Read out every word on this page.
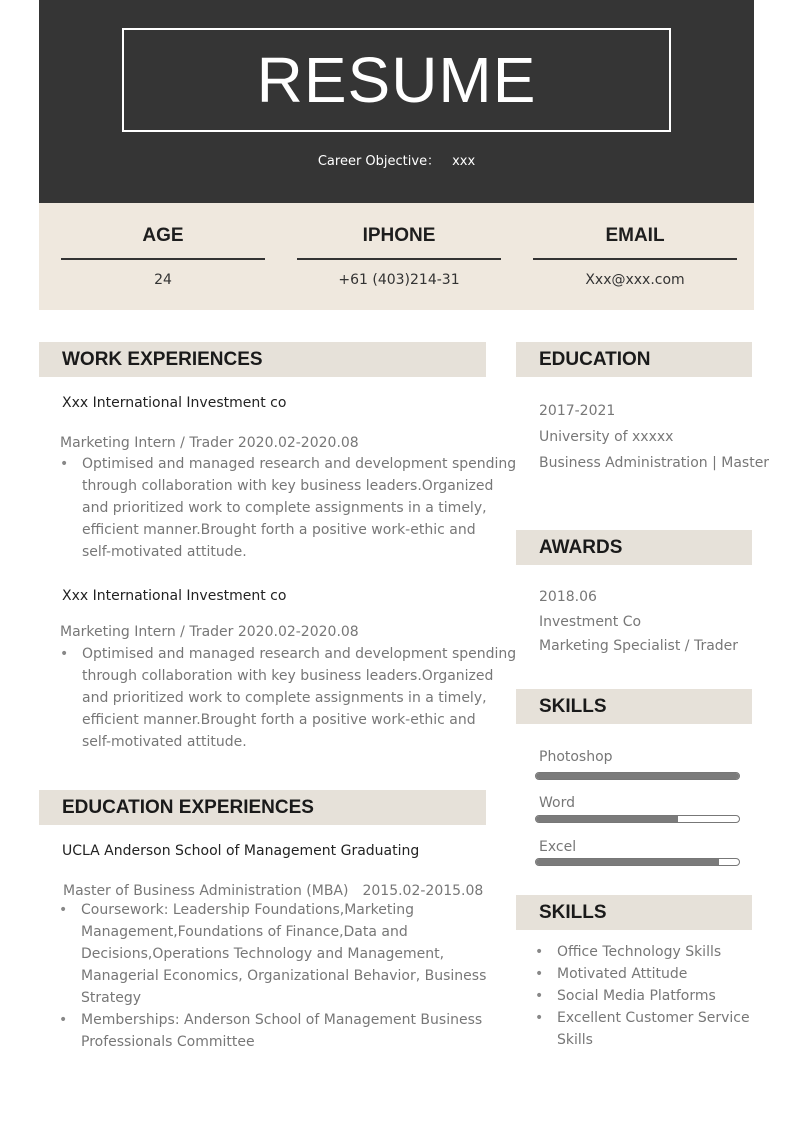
RESUME
Career Objective： xxx
AGE
24
IPHONE
+61 (403)214-31
EMAIL
Xxx@xxx.com
WORK EXPERIENCES
Xxx International Investment co
Marketing Intern / Trader 2020.02-2020.08
• Optimised and managed research and development spending
through collaboration with key business leaders.Organized
and prioritized work to complete assignments in a timely,
efficient manner.Brought forth a positive work-ethic and
self-motivated attitude.
Xxx International Investment co
Marketing Intern / Trader 2020.02-2020.08
• Optimised and managed research and development spending
through collaboration with key business leaders.Organized
and prioritized work to complete assignments in a timely,
efficient manner.Brought forth a positive work-ethic and
self-motivated attitude.
EDUCATION EXPERIENCES
UCLA Anderson School of Management Graduating
Master of Business Administration (MBA) 2015.02-2015.08
• Coursework: Leadership Foundations,Marketing
Management,Foundations of Finance,Data and
Decisions,Operations Technology and Management,
Managerial Economics, Organizational Behavior, Business
Strategy
• Memberships: Anderson School of Management Business
Professionals Committee
EDUCATION
2017-2021
University of xxxxx
Business Administration | Master
AWARDS
2018.06
Investment Co
Marketing Specialist / Trader
SKILLS
Photoshop
Word
Excel
SKILLS
• Office Technology Skills
• Motivated Attitude
• Social Media Platforms
• Excellent Customer Service
Skills
